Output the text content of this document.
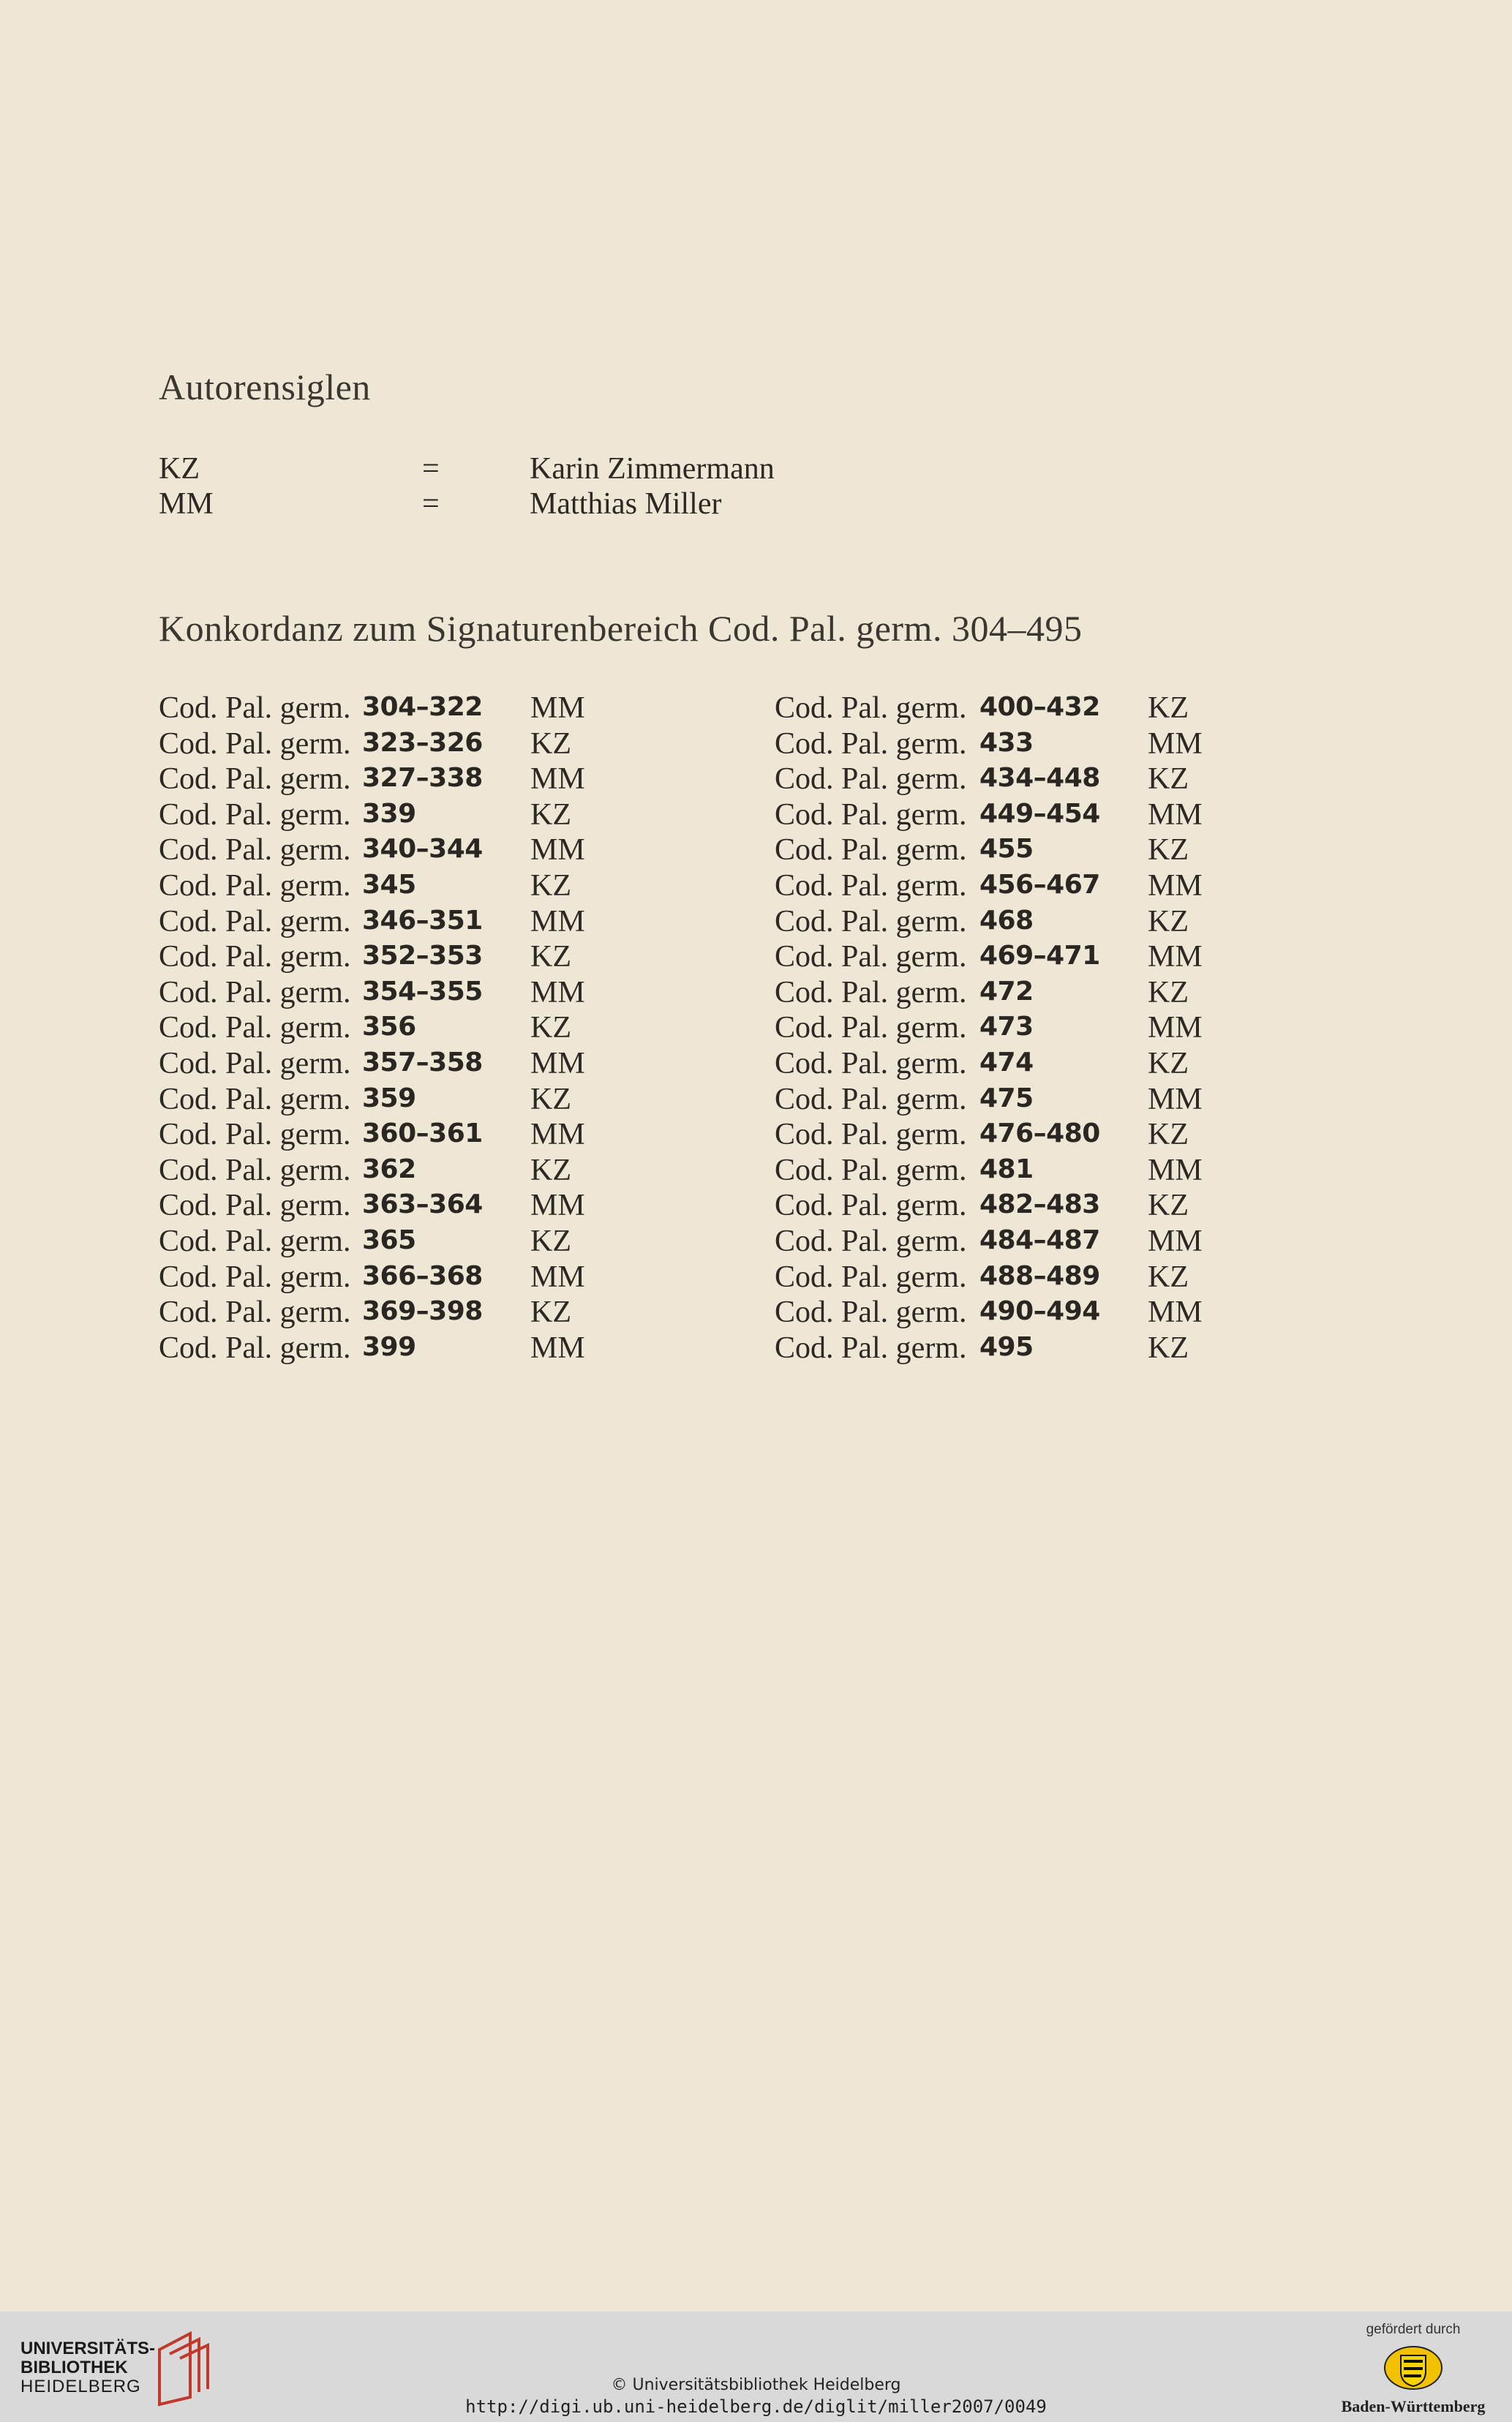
Autorensiglen
KZ	=	Karin Zimmermann
MM	=	Matthias Miller
Konkordanz zum Signaturenbereich Cod. Pal. germ. 304–495
Cod. Pal. germ. 304–322 MM
Cod. Pal. germ. 323–326 KZ
Cod. Pal. germ. 327–338 MM
Cod. Pal. germ. 339	KZ
Cod. Pal. germ. 340–344 MM
Cod. Pal. germ. 345	KZ
Cod. Pal. germ. 346–351 MM
Cod. Pal. germ. 352–353 KZ
Cod. Pal. germ. 354–355 MM
Cod. Pal. germ. 356	KZ
Cod. Pal. germ. 357–358 MM
Cod. Pal. germ. 359	KZ
Cod. Pal. germ. 360–361 MM
Cod. Pal. germ. 362	KZ
Cod. Pal. germ. 363–364 MM
Cod. Pal. germ. 365	KZ
Cod. Pal. germ. 366–368 MM
Cod. Pal. germ. 369–398 KZ
Cod. Pal. germ. 399	MM
Cod. Pal. germ. 400–432 KZ
Cod. Pal. germ. 433	MM
Cod. Pal. germ. 434–448 KZ
Cod. Pal. germ. 449–454 MM
Cod. Pal. germ. 455	KZ
Cod. Pal. germ. 456–467 MM
Cod. Pal. germ. 468	KZ
Cod. Pal. germ. 469–471 MM
Cod. Pal. germ. 472	KZ
Cod. Pal. germ. 473	MM
Cod. Pal. germ. 474	KZ
Cod. Pal. germ. 475	MM
Cod. Pal. germ. 476–480 KZ
Cod. Pal. germ. 481	MM
Cod. Pal. germ. 482–483 KZ
Cod. Pal. germ. 484–487 MM
Cod. Pal. germ. 488–489 KZ
Cod. Pal. germ. 490–494 MM
Cod. Pal. germ. 495	KZ
UNIVERSITÄTS-
BIBLIOTHEK
HEIDELBERG	© Universitätsbibliothek Heidelberg
http://digi.ub.uni-heidelberg.de/diglit/miller2007/0049
gefördert durch
Baden-Württemberg
